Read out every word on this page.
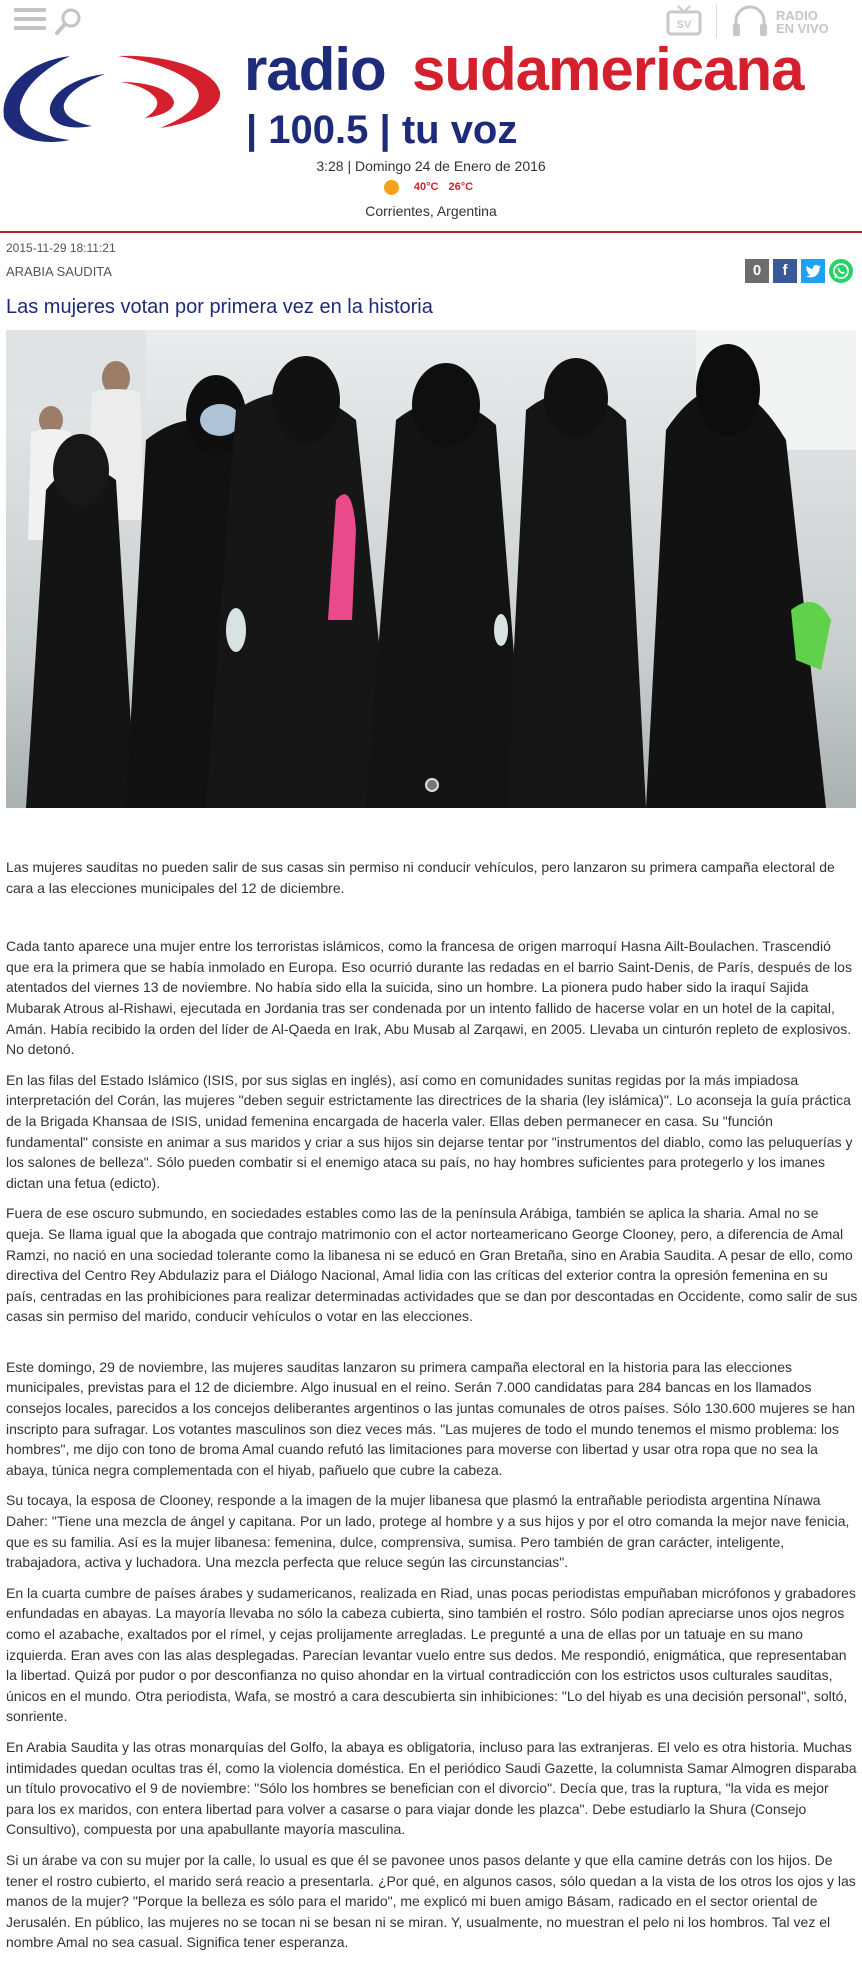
SV
RADIO
EN VIVO
radio sudamericana
| 100.5 | tu voz
3:28 | Domingo 24 de Enero de 2016
40°C 26°C
Corrientes, Argentina
2015-11-29 18:11:21
ARABIA SAUDITA	0	f
Las mujeres votan por primera vez en la historia

Las mujeres sauditas no pueden salir de sus casas sin permiso ni conducir vehículos, pero lanzaron su primera campaña electoral de cara a las elecciones municipales del 12 de diciembre.

Cada tanto aparece una mujer entre los terroristas islámicos, como la francesa de origen marroquí Hasna Ailt-Boulachen. Trascendió que era la primera que se había inmolado en Europa. Eso ocurrió durante las redadas en el barrio Saint-Denis, de París, después de los atentados del viernes 13 de noviembre. No había sido ella la suicida, sino un hombre. La pionera pudo haber sido la iraquí Sajida Mubarak Atrous al-Rishawi, ejecutada en Jordania tras ser condenada por un intento fallido de hacerse volar en un hotel de la capital, Amán. Había recibido la orden del líder de Al-Qaeda en Irak, Abu Musab al Zarqawi, en 2005. Llevaba un cinturón repleto de explosivos. No detonó.

En las filas del Estado Islámico (ISIS, por sus siglas en inglés), así como en comunidades sunitas regidas por la más impiadosa interpretación del Corán, las mujeres "deben seguir estrictamente las directrices de la sharia (ley islámica)". Lo aconseja la guía práctica de la Brigada Khansaa de ISIS, unidad femenina encargada de hacerla valer. Ellas deben permanecer en casa. Su "función fundamental" consiste en animar a sus maridos y criar a sus hijos sin dejarse tentar por "instrumentos del diablo, como las peluquerías y los salones de belleza". Sólo pueden combatir si el enemigo ataca su país, no hay hombres suficientes para protegerlo y los imanes dictan una fetua (edicto).

Fuera de ese oscuro submundo, en sociedades estables como las de la península Arábiga, también se aplica la sharia. Amal no se queja. Se llama igual que la abogada que contrajo matrimonio con el actor norteamericano George Clooney, pero, a diferencia de Amal Ramzi, no nació en una sociedad tolerante como la libanesa ni se educó en Gran Bretaña, sino en Arabia Saudita. A pesar de ello, como directiva del Centro Rey Abdulaziz para el Diálogo Nacional, Amal lidia con las críticas del exterior contra la opresión femenina en su país, centradas en las prohibiciones para realizar determinadas actividades que se dan por descontadas en Occidente, como salir de sus casas sin permiso del marido, conducir vehículos o votar en las elecciones.

Este domingo, 29 de noviembre, las mujeres sauditas lanzaron su primera campaña electoral en la historia para las elecciones municipales, previstas para el 12 de diciembre. Algo inusual en el reino. Serán 7.000 candidatas para 284 bancas en los llamados consejos locales, parecidos a los concejos deliberantes argentinos o las juntas comunales de otros países. Sólo 130.600 mujeres se han inscripto para sufragar. Los votantes masculinos son diez veces más. "Las mujeres de todo el mundo tenemos el mismo problema: los hombres", me dijo con tono de broma Amal cuando refutó las limitaciones para moverse con libertad y usar otra ropa que no sea la abaya, túnica negra complementada con el hiyab, pañuelo que cubre la cabeza.

Su tocaya, la esposa de Clooney, responde a la imagen de la mujer libanesa que plasmó la entrañable periodista argentina Nínawa Daher: "Tiene una mezcla de ángel y capitana. Por un lado, protege al hombre y a sus hijos y por el otro comanda la mejor nave fenicia, que es su familia. Así es la mujer libanesa: femenina, dulce, comprensiva, sumisa. Pero también de gran carácter, inteligente, trabajadora, activa y luchadora. Una mezcla perfecta que reluce según las circunstancias".

En la cuarta cumbre de países árabes y sudamericanos, realizada en Riad, unas pocas periodistas empuñaban micrófonos y grabadores enfundadas en abayas. La mayoría llevaba no sólo la cabeza cubierta, sino también el rostro. Sólo podían apreciarse unos ojos negros como el azabache, exaltados por el rímel, y cejas prolijamente arregladas. Le pregunté a una de ellas por un tatuaje en su mano izquierda. Eran aves con las alas desplegadas. Parecían levantar vuelo entre sus dedos. Me respondió, enigmática, que representaban la libertad. Quizá por pudor o por desconfianza no quiso ahondar en la virtual contradicción con los estrictos usos culturales sauditas, únicos en el mundo. Otra periodista, Wafa, se mostró a cara descubierta sin inhibiciones: "Lo del hiyab es una decisión personal", soltó, sonriente.

En Arabia Saudita y las otras monarquías del Golfo, la abaya es obligatoria, incluso para las extranjeras. El velo es otra historia. Muchas intimidades quedan ocultas tras él, como la violencia doméstica. En el periódico Saudi Gazette, la columnista Samar Almogren disparaba un título provocativo el 9 de noviembre: "Sólo los hombres se benefician con el divorcio". Decía que, tras la ruptura, "la vida es mejor para los ex maridos, con entera libertad para volver a casarse o para viajar donde les plazca". Debe estudiarlo la Shura (Consejo Consultivo), compuesta por una apabullante mayoría masculina.

Si un árabe va con su mujer por la calle, lo usual es que él se pavonee unos pasos delante y que ella camine detrás con los hijos. De tener el rostro cubierto, el marido será reacio a presentarla. ¿Por qué, en algunos casos, sólo quedan a la vista de los otros los ojos y las manos de la mujer? "Porque la belleza es sólo para el marido", me explicó mi buen amigo Básam, radicado en el sector oriental de Jerusalén. En público, las mujeres no se tocan ni se besan ni se miran. Y, usualmente, no muestran el pelo ni los hombros. Tal vez el nombre Amal no sea casual. Significa tener esperanza.
